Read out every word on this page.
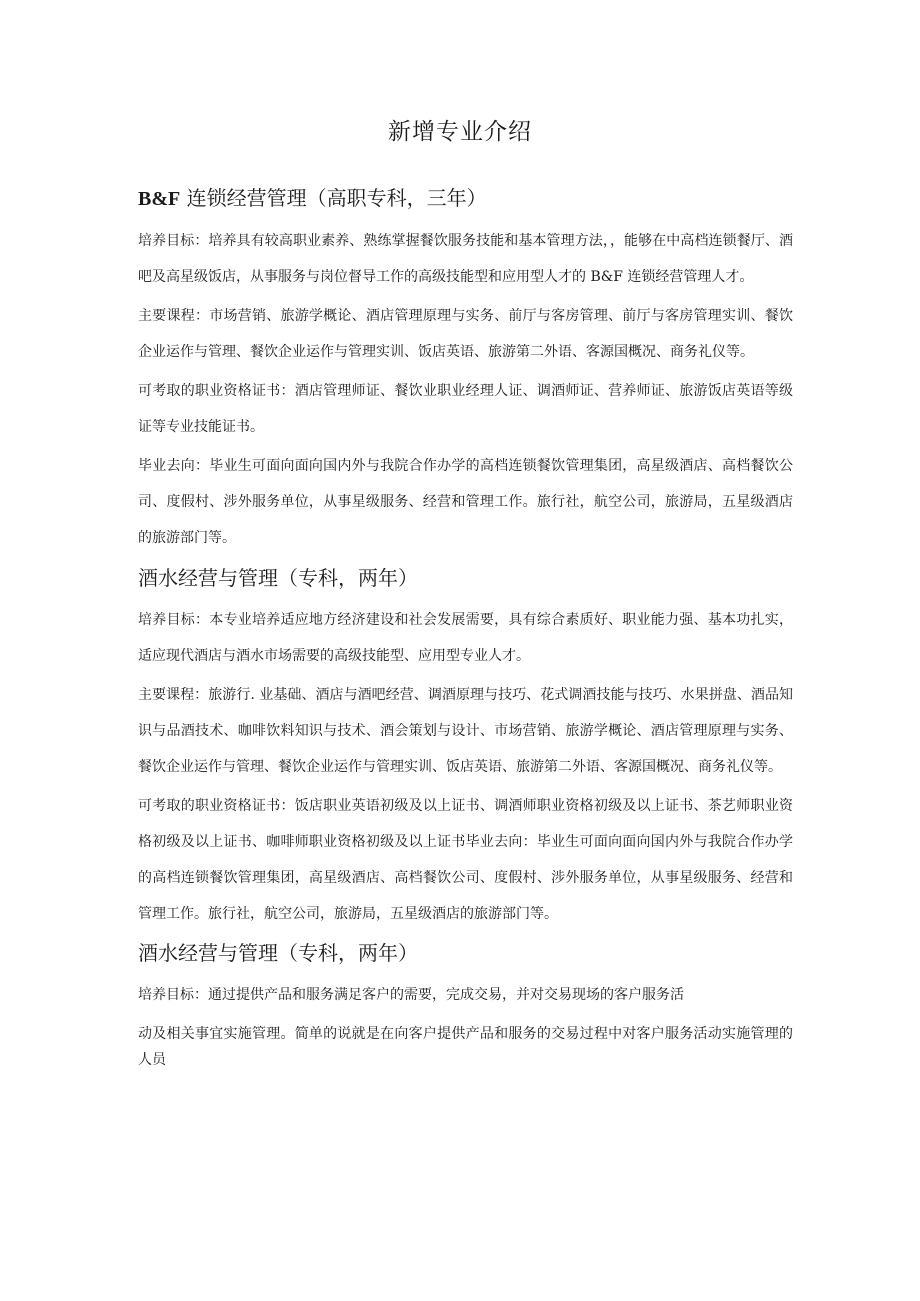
新增专业介绍
B&F 连锁经营管理（高职专科，三年）

培养目标：培养具有较高职业素养、熟练掌握餐饮服务技能和基本管理方法，，能够在中高档连锁餐厅、酒吧及高星级饭店，从事服务与岗位督导工作的高级技能型和应用型人才的 B&F 连锁经营管理人才。

主要课程：市场营销、旅游学概论、酒店管理原理与实务、前厅与客房管理、前厅与客房管理实训、餐饮企业运作与管理、餐饮企业运作与管理实训、饭店英语、旅游第二外语、客源国概况、商务礼仪等。

可考取的职业资格证书：酒店管理师证、餐饮业职业经理人证、调酒师证、营养师证、旅游饭店英语等级证等专业技能证书。

毕业去向：毕业生可面向面向国内外与我院合作办学的高档连锁餐饮管理集团，高星级酒店、高档餐饮公司、度假村、涉外服务单位，从事星级服务、经营和管理工作。旅行社，航空公司，旅游局，五星级酒店的旅游部门等。

酒水经营与管理（专科，两年）

培养目标：本专业培养适应地方经济建设和社会发展需要，具有综合素质好、职业能力强、基本功扎实，适应现代酒店与酒水市场需要的高级技能型、应用型专业人才。

主要课程：旅游行. 业基础、酒店与酒吧经营、调酒原理与技巧、花式调酒技能与技巧、水果拼盘、酒品知识与品酒技术、咖啡饮料知识与技术、酒会策划与设计、市场营销、旅游学概论、酒店管理原理与实务、餐饮企业运作与管理、餐饮企业运作与管理实训、饭店英语、旅游第二外语、客源国概况、商务礼仪等。

可考取的职业资格证书：饭店职业英语初级及以上证书、调酒师职业资格初级及以上证书、茶艺师职业资格初级及以上证书、咖啡师职业资格初级及以上证书毕业去向：毕业生可面向面向国内外与我院合作办学的高档连锁餐饮管理集团，高星级酒店、高档餐饮公司、度假村、涉外服务单位，从事星级服务、经营和管理工作。旅行社，航空公司，旅游局，五星级酒店的旅游部门等。

酒水经营与管理（专科，两年）

培养目标：通过提供产品和服务满足客户的需要，完成交易，并对交易现场的客户服务活

动及相关事宜实施管理。简单的说就是在向客户提供产品和服务的交易过程中对客户服务活动实施管理的人员
